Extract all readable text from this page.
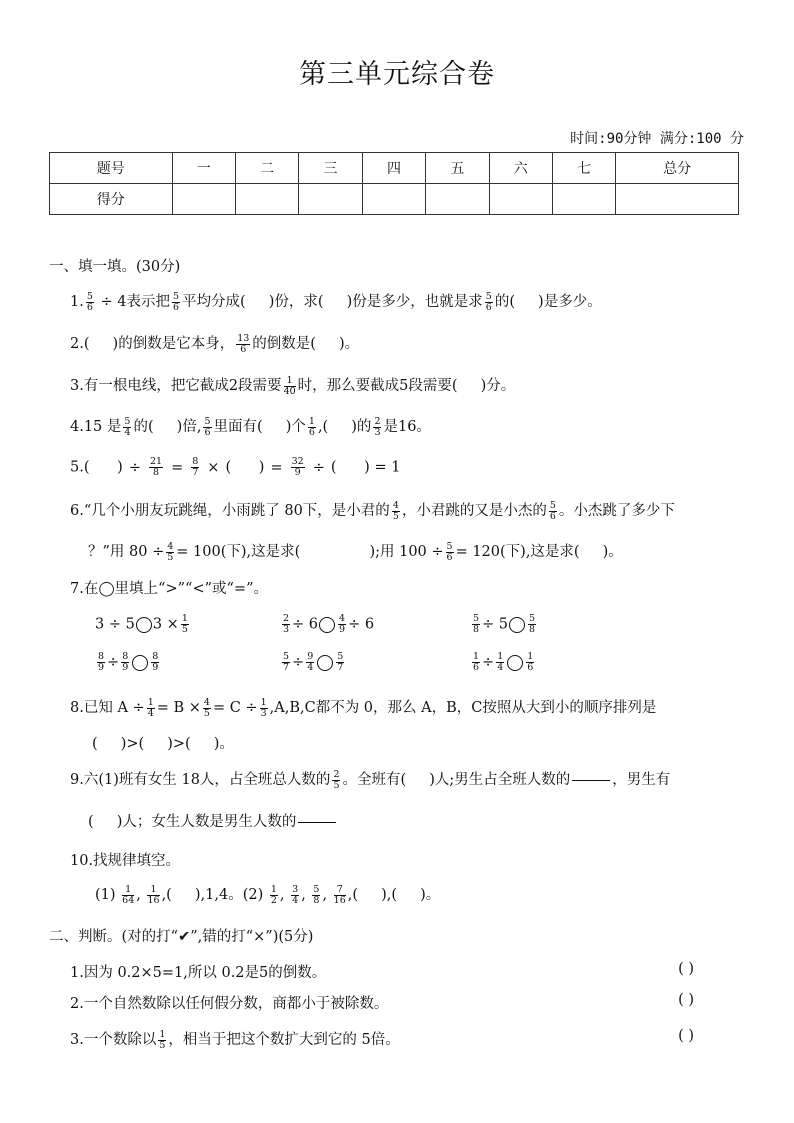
第三单元综合卷
时间:90分钟 满分:100 分
题号	一	二	三	四	五	六	七	总分
得分								
一、填一填。(30分)
1. $\frac{5}{6} \div 4$表示把 $\frac{5}{6}$ 平均分成( )份，求( )份是多少，也就是求 $\frac{5}{6}$ 的( )是多少。
2.( )的倒数是它本身， $\frac{13}{6}$ 的倒数是( )。
3.有一根电线，把它截成2段需要 $\frac{1}{40}$ 时，那么要截成5段需要( )分。
4.15 是 $\frac{5}{4}$ 的( )倍, $\frac{5}{6}$ 里面有( )个 $\frac{1}{6}$ ,( )的 $\frac{2}{3}$ 是16。
5.( ) ÷ $\frac{21}{8} = \frac{8}{7}$ × ( ) = $\frac{32}{9}$ ÷ ( ) = 1
6.“几个小朋友玩跳绳，小雨跳了 80下，是小君的 $\frac{4}{5}$ ，小君跳的又是小杰的 $\frac{5}{6}$ 。小杰跳了多少下
？”用 $80 \div \frac{4}{5} = 100$(下),这是求(	);用 $100 \div \frac{5}{6} = 120$(下),这是求( )。
7.在◯里填上“>”“<”或“=”。
3 ÷ 5 $3 \times \frac{1}{5}$	$\frac{2}{3} \div 6 \frac{4}{9} \div 6$	$\frac{5}{8} \div 5 \frac{5}{8}$
$\frac{8}{9} \div \frac{8}{9} \frac{8}{9}$	$\frac{5}{7} \div \frac{9}{4} \frac{5}{7}$	$\frac{1}{6} \div \frac{1}{4} \frac{1}{6}$
8.已知 $A \div \frac{1}{4} = B \times \frac{4}{5} = C \div \frac{1}{3} ,A,B,C$都不为 0，那么 A，B，C按照从大到小的顺序排列是
( )>( )>( )。
9.六(1)班有女生 18人，占全班总人数的 $\frac{2}{5}$ 。全班有( )人;男生占全班人数的	，男生有
( )人；女生人数是男生人数的
10.找规律填空。
$(1) \frac{1}{64}$ , $\frac{1}{16}$ ,( ),1,4。$(2) \frac{1}{2}$ , $\frac{3}{4}$ , $\frac{5}{8}$ , $\frac{7}{16}$ ,( ),( )。
二、判断。(对的打“✔”,错的打“×”)(5分)
1.因为 0.2×5=1,所以 0.2是5的倒数。	( )
2.一个自然数除以任何假分数，商都小于被除数。	( )
3.一个数除以 $\frac{1}{5}$ ，相当于把这个数扩大到它的 5倍。	( )
